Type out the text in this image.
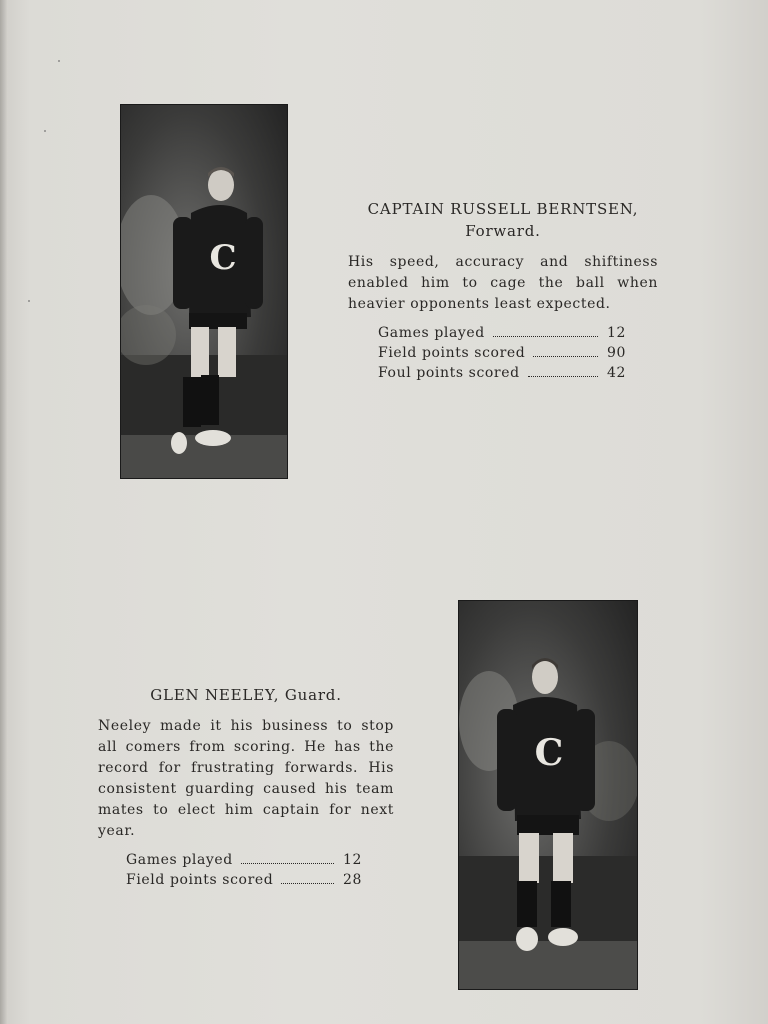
C
CAPTAIN RUSSELL BERNTSEN,
Forward.
His speed, accuracy and shiftiness enabled him to cage the ball when heavier opponents least expected.
Games played	12
Field points scored	90
Foul points scored	42
GLEN NEELEY, Guard.
Neeley made it his business to stop all comers from scoring. He has the record for frustrating forwards. His consistent guarding caused his team mates to elect him captain for next year.
Games played	12
Field points scored	28
C
